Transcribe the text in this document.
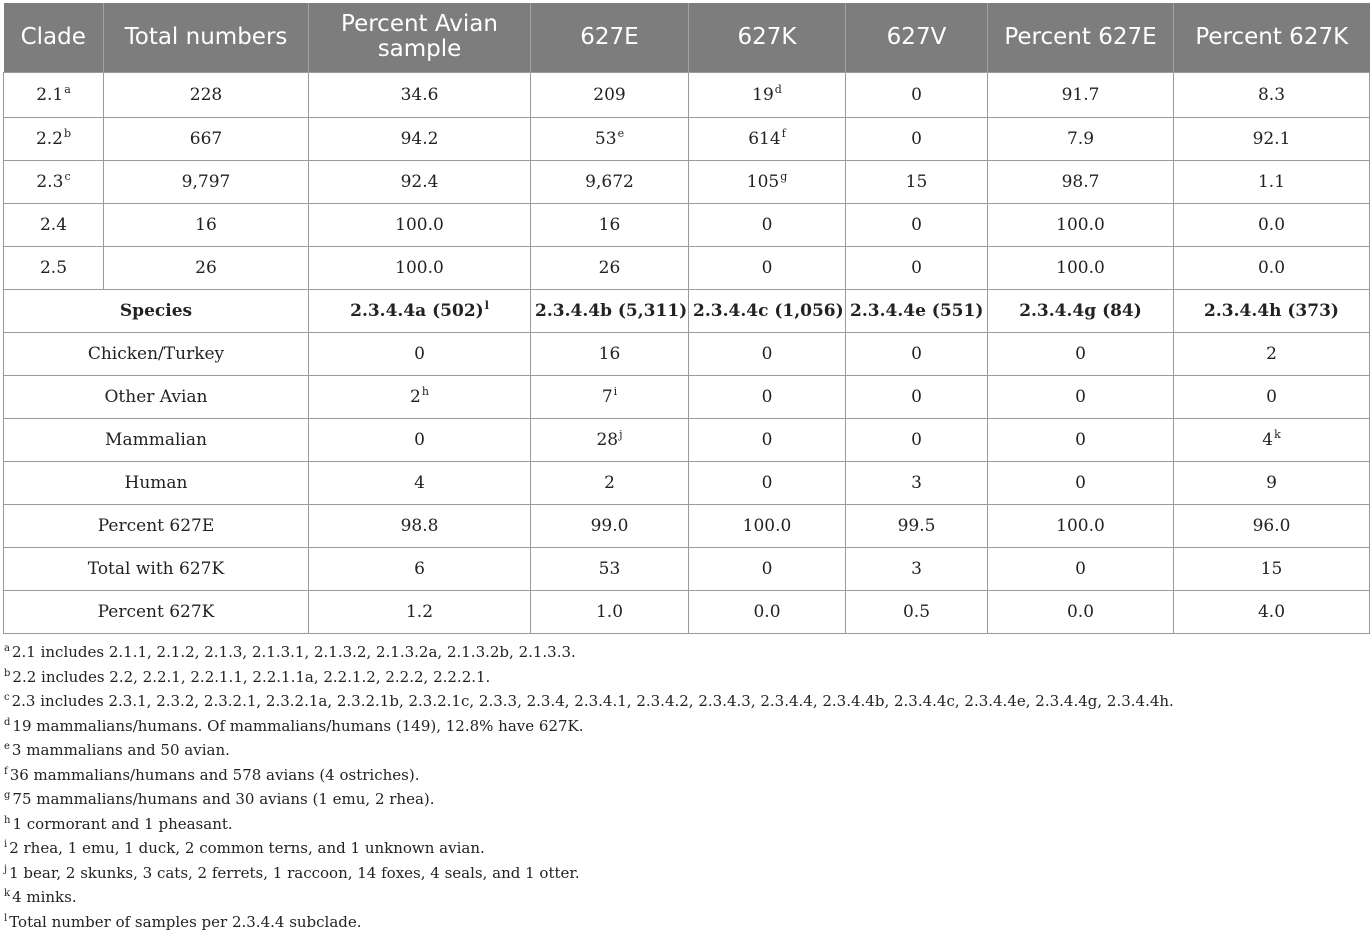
Clade	Total numbers	Percent Avian sample	627E	627K	627V	Percent 627E	Percent 627K
2.1$^a$	228	34.6	209	19$^d$	0	91.7	8.3
2.2$^b$	667	94.2	53e	614$^f$	0	7.9	92.1
2.3$^c$	9,797	92.4	9,672	105$^g$	15	98.7	1.1
2.4	16	100.0	16	0	0	100.0	0.0
2.5	26	100.0	26	0	0	100.0	0.0
Species		2.3.4.4a $(502)^l$	2.3.4.4b (5,311)	2.3.4.4c (1,056)	2.3.4.4e (551)	2.3.4.4g (84)	2.3.4.4h (373)
Chicken/Turkey		0	16	0	0	0	2
Other Avian		2$^h$	7$^i$	0	0	0	0
Mammalian		0	28$^j$	0	0	0	4$^k$
Human		4	2	0	3	0	9
Percent 627E		98.8	99.0	100.0	99.5	100.0	96.0
Total with 627K		6	53	0	3	0	15
Percent 627K		1.2	1.0	0.0	0.5	0.0	4.0
$^a$ 2.1 includes 2.1.1, 2.1.2, 2.1.3, 2.1.3.1, 2.1.3.2, 2.1.3.2a, 2.1.3.2b, 2.1.3.3.
$^b$ 2.2 includes 2.2, 2.2.1, 2.2.1.1, 2.2.1.1a, 2.2.1.2, 2.2.2, 2.2.2.1.
$^c$ 2.3 includes 2.3.1, 2.3.2, 2.3.2.1, 2.3.2.1a, 2.3.2.1b, 2.3.2.1c, 2.3.3, 2.3.4, 2.3.4.1, 2.3.4.2, 2.3.4.3, 2.3.4.4, 2.3.4.4b, 2.3.4.4c, 2.3.4.4e, 2.3.4.4g, 2.3.4.4h.
$^d$ 19 mammalians/humans. Of mammalians/humans (149), 12.8% have 627K.
$^e$ 3 mammalians and 50 avian.
$^f$ 36 mammalians/humans and 578 avians (4 ostriches).
$^g$ 75 mammalians/humans and 30 avians (1 emu, 2 rhea).
$^h$ 1 cormorant and 1 pheasant.
$^i$ 2 rhea, 1 emu, 1 duck, 2 common terns, and 1 unknown avian.
$^j$ 1 bear, 2 skunks, 3 cats, 2 ferrets, 1 raccoon, 14 foxes, 4 seals, and 1 otter.
$^k$ 4 minks.
$^l$ Total number of samples per 2.3.4.4 subclade.
